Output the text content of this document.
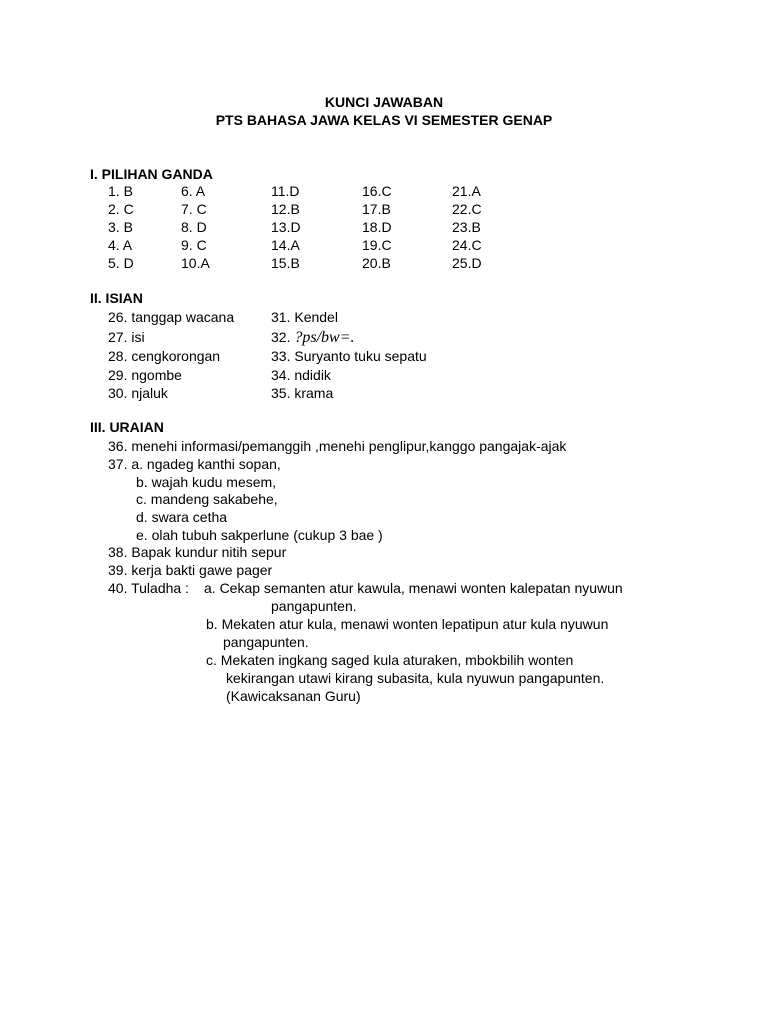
KUNCI JAWABAN
PTS BAHASA JAWA KELAS VI SEMESTER GENAP
I. PILIHAN GANDA
1. B
2. C
3. B
4. A
5. D
6. A
7. C
8. D
9. C
10.A
11.D
12.B
13.D
14.A
15.B
16.C
17.B
18.D
19.C
20.B
21.A
22.C
23.B
24.C
25.D
II. ISIAN
26. tanggap wacana
27. isi
28. cengkorongan
29. ngombe
30. njaluk
31. Kendel
32. ?ps/bw=.
33. Suryanto tuku sepatu
34. ndidik
35. krama
III. URAIAN
36. menehi informasi/pemanggih ,menehi penglipur,kanggo pangajak-ajak
37. a. ngadeg kanthi sopan,
b. wajah kudu mesem,
c. mandeng sakabehe,
d. swara cetha
e. olah tubuh sakperlune (cukup 3 bae )
38. Bapak kundur nitih sepur
39. kerja bakti gawe pager
40. Tuladha : a. Cekap semanten atur kawula, menawi wonten kalepatan nyuwun
pangapunten.
b. Mekaten atur kula, menawi wonten lepatipun atur kula nyuwun
pangapunten.
c. Mekaten ingkang saged kula aturaken, mbokbilih wonten
kekirangan utawi kirang subasita, kula nyuwun pangapunten.
(Kawicaksanan Guru)
